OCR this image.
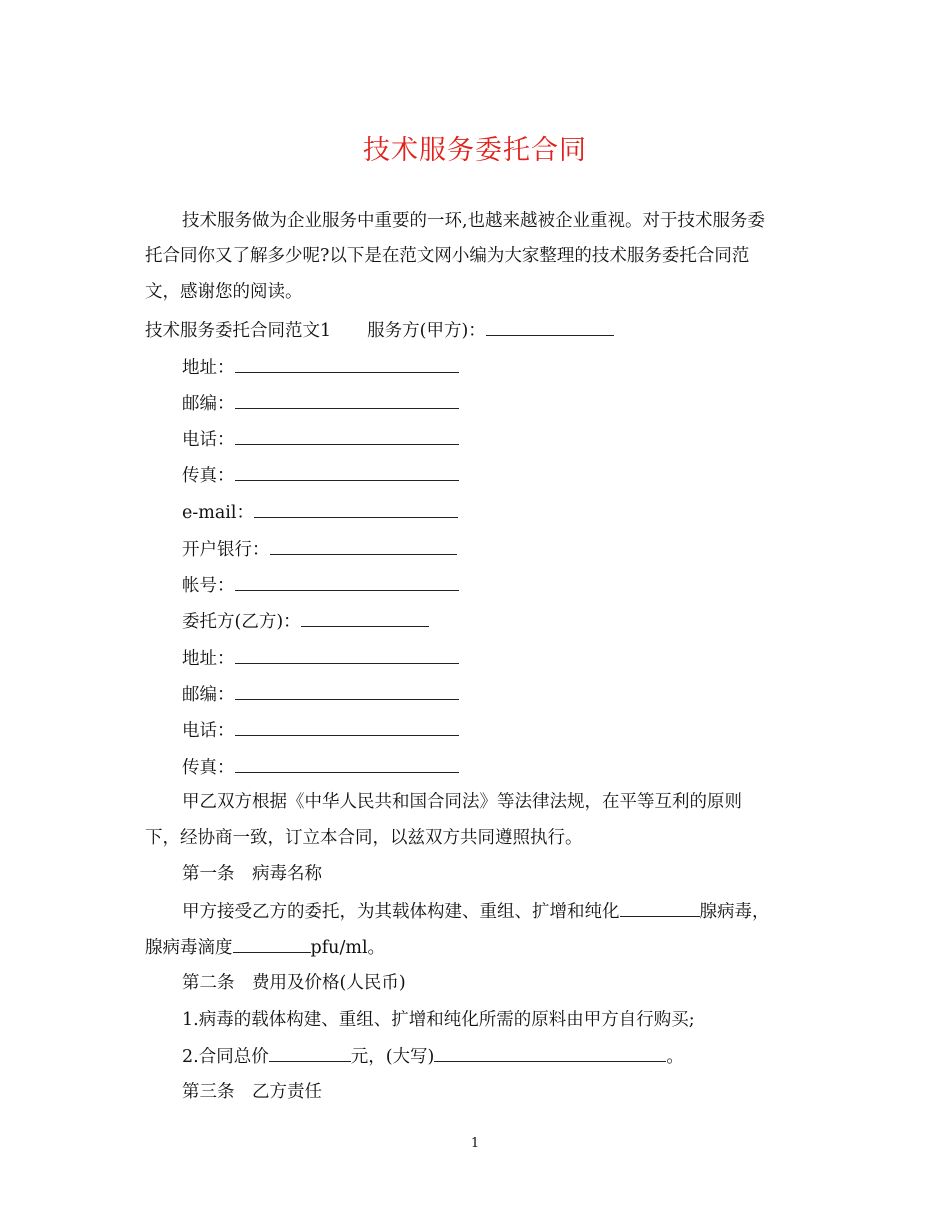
技术服务委托合同
技术服务做为企业服务中重要的一环,也越来越被企业重视。对于技术服务委
托合同你又了解多少呢?以下是在范文网小编为大家整理的技术服务委托合同范
文，感谢您的阅读。
技术服务委托合同范文1 服务方(甲方)：
地址：
邮编：
电话：
传真：
e-mail：
开户银行：
帐号：
委托方(乙方)：
地址：
邮编：
电话：
传真：
甲乙双方根据《中华人民共和国合同法》等法律法规，在平等互利的原则
下，经协商一致，订立本合同，以兹双方共同遵照执行。
第一条　病毒名称
甲方接受乙方的委托，为其载体构建、重组、扩增和纯化	腺病毒，
腺病毒滴度	pfu/ml。
第二条　费用及价格(人民币)
1.病毒的载体构建、重组、扩增和纯化所需的原料由甲方自行购买;
2.合同总价	元，(大写)	。
第三条　乙方责任
1
